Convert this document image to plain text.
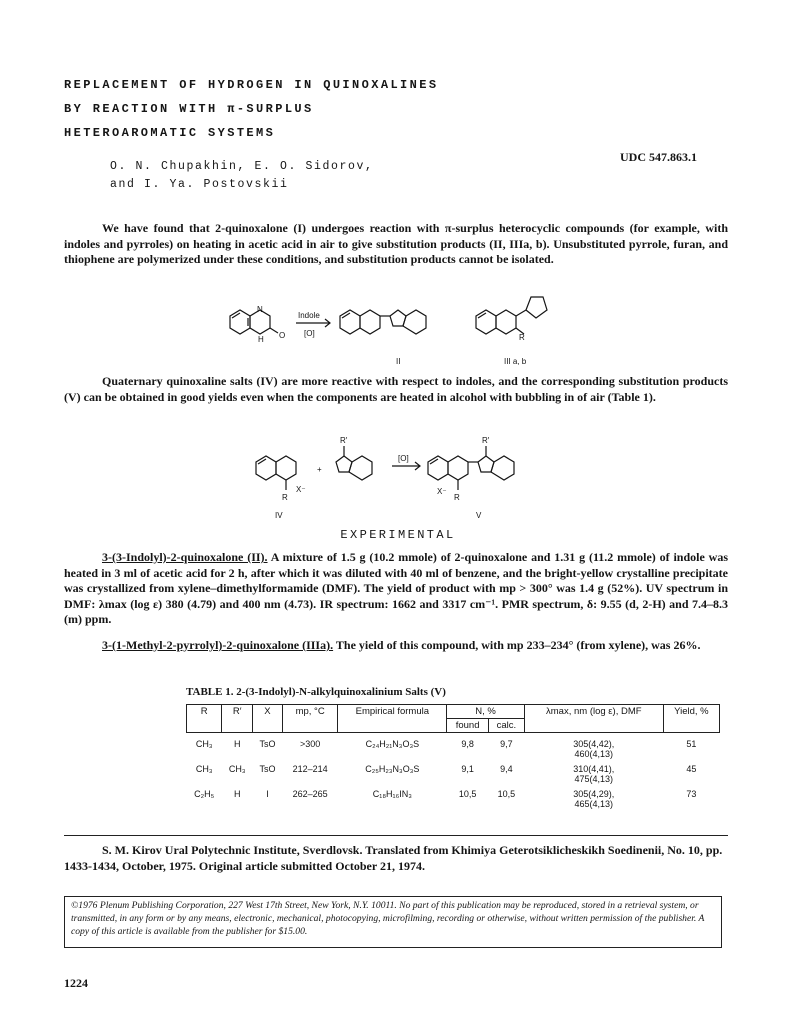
REPLACEMENT OF HYDROGEN IN QUINOXALINES
BY REACTION WITH π-SURPLUS
HETEROAROMATIC SYSTEMS
O. N. Chupakhin, E. O. Sidorov,
and I. Ya. Postovskii
UDC 547.863.1

We have found that 2-quinoxalone (I) undergoes reaction with π-surplus heterocyclic compounds (for example, with indoles and pyrroles) on heating in acetic acid in air to give substitution products (II, IIIa, b). Unsubstituted pyrrole, furan, and thiophene are polymerized under these conditions, and substitution products cannot be isolated.

Indole
[O]
N
O
H
II
R
III a, b

Quaternary quinoxaline salts (IV) are more reactive with respect to indoles, and the corresponding substitution products (V) can be obtained in good yields even when the components are heated in alcohol with bubbling in of air (Table 1).

R
X⁻
+
R′
[O]
R′
X⁻
R
IV	V
EXPERIMENTAL

3-(3-Indolyl)-2-quinoxalone (II). A mixture of 1.5 g (10.2 mmole) of 2-quinoxalone and 1.31 g (11.2 mmole) of indole was heated in 3 ml of acetic acid for 2 h, after which it was diluted with 40 ml of benzene, and the bright-yellow crystalline precipitate was crystallized from xylene–dimethylformamide (DMF). The yield of product with mp > 300° was 1.4 g (52%). UV spectrum in DMF: λmax (log ε) 380 (4.79) and 400 nm (4.73). IR spectrum: 1662 and 3317 cm⁻¹. PMR spectrum, δ: 9.55 (d, 2-H) and 7.4–8.3 (m) ppm.

3-(1-Methyl-2-pyrrolyl)-2-quinoxalone (IIIa). The yield of this compound, with mp 233–234° (from xylene), was 26%.

TABLE 1. 2-(3-Indolyl)-N-alkylquinoxalinium Salts (V)
R	R′	X	mp, °C	Empirical formula	N, %		λmax, nm (log ε), DMF	Yield, %
					found	calc.		
CH₃	H	TsO	>300	C₂₄H₂₁N₃O₃S	9,8	9,7	305(4,42),
460(4,13)	51
CH₃	CH₃	TsO	212–214	C₂₅H₂₃N₃O₃S	9,1	9,4	310(4,41),
475(4,13)	45
C₂H₅	H	I	262–265	C₁₈H₁₆IN₃	10,5	10,5	305(4,29),
465(4,13)	73

S. M. Kirov Ural Polytechnic Institute, Sverdlovsk. Translated from Khimiya Geterotsiklicheskikh Soedinenii, No. 10, pp. 1433-1434, October, 1975. Original article submitted October 21, 1974.

©1976 Plenum Publishing Corporation, 227 West 17th Street, New York, N.Y. 10011. No part of this publication may be reproduced, stored in a retrieval system, or transmitted, in any form or by any means, electronic, mechanical, photocopying, microfilming, recording or otherwise, without written permission of the publisher. A copy of this article is available from the publisher for $15.00.
1224
